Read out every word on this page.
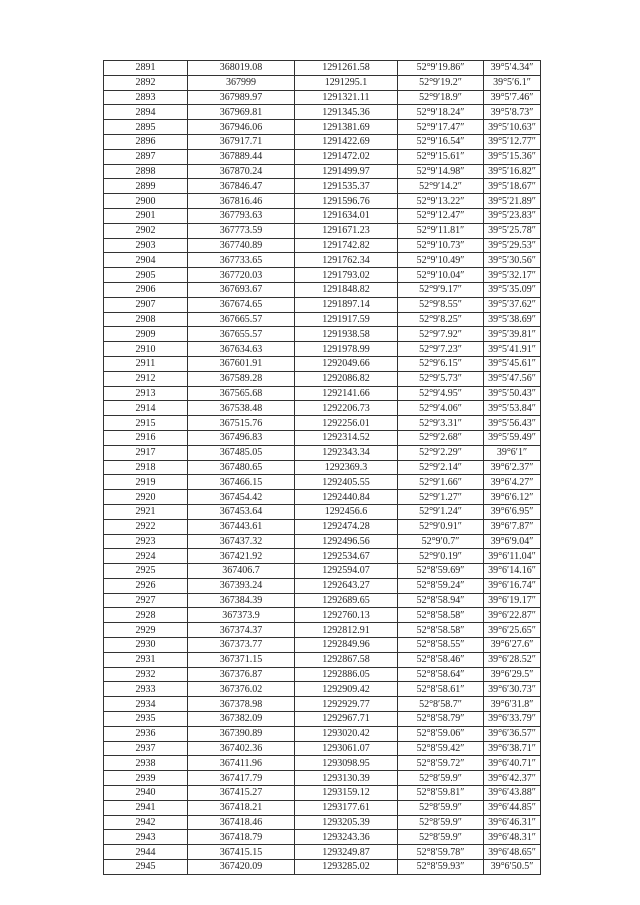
2891	368019.08	1291261.58	52°9′19.86″	39°5′4.34″
2892	367999	1291295.1	52°9′19.2″	39°5′6.1″
2893	367989.97	1291321.11	52°9′18.9″	39°5′7.46″
2894	367969.81	1291345.36	52°9′18.24″	39°5′8.73″
2895	367946.06	1291381.69	52°9′17.47″	39°5′10.63″
2896	367917.71	1291422.69	52°9′16.54″	39°5′12.77″
2897	367889.44	1291472.02	52°9′15.61″	39°5′15.36″
2898	367870.24	1291499.97	52°9′14.98″	39°5′16.82″
2899	367846.47	1291535.37	52°9′14.2″	39°5′18.67″
2900	367816.46	1291596.76	52°9′13.22″	39°5′21.89″
2901	367793.63	1291634.01	52°9′12.47″	39°5′23.83″
2902	367773.59	1291671.23	52°9′11.81″	39°5′25.78″
2903	367740.89	1291742.82	52°9′10.73″	39°5′29.53″
2904	367733.65	1291762.34	52°9′10.49″	39°5′30.56″
2905	367720.03	1291793.02	52°9′10.04″	39°5′32.17″
2906	367693.67	1291848.82	52°9′9.17″	39°5′35.09″
2907	367674.65	1291897.14	52°9′8.55″	39°5′37.62″
2908	367665.57	1291917.59	52°9′8.25″	39°5′38.69″
2909	367655.57	1291938.58	52°9′7.92″	39°5′39.81″
2910	367634.63	1291978.99	52°9′7.23″	39°5′41.91″
2911	367601.91	1292049.66	52°9′6.15″	39°5′45.61″
2912	367589.28	1292086.82	52°9′5.73″	39°5′47.56″
2913	367565.68	1292141.66	52°9′4.95″	39°5′50.43″
2914	367538.48	1292206.73	52°9′4.06″	39°5′53.84″
2915	367515.76	1292256.01	52°9′3.31″	39°5′56.43″
2916	367496.83	1292314.52	52°9′2.68″	39°5′59.49″
2917	367485.05	1292343.34	52°9′2.29″	39°6′1″
2918	367480.65	1292369.3	52°9′2.14″	39°6′2.37″
2919	367466.15	1292405.55	52°9′1.66″	39°6′4.27″
2920	367454.42	1292440.84	52°9′1.27″	39°6′6.12″
2921	367453.64	1292456.6	52°9′1.24″	39°6′6.95″
2922	367443.61	1292474.28	52°9′0.91″	39°6′7.87″
2923	367437.32	1292496.56	52°9′0.7″	39°6′9.04″
2924	367421.92	1292534.67	52°9′0.19″	39°6′11.04″
2925	367406.7	1292594.07	52°8′59.69″	39°6′14.16″
2926	367393.24	1292643.27	52°8′59.24″	39°6′16.74″
2927	367384.39	1292689.65	52°8′58.94″	39°6′19.17″
2928	367373.9	1292760.13	52°8′58.58″	39°6′22.87″
2929	367374.37	1292812.91	52°8′58.58″	39°6′25.65″
2930	367373.77	1292849.96	52°8′58.55″	39°6′27.6″
2931	367371.15	1292867.58	52°8′58.46″	39°6′28.52″
2932	367376.87	1292886.05	52°8′58.64″	39°6′29.5″
2933	367376.02	1292909.42	52°8′58.61″	39°6′30.73″
2934	367378.98	1292929.77	52°8′58.7″	39°6′31.8″
2935	367382.09	1292967.71	52°8′58.79″	39°6′33.79″
2936	367390.89	1293020.42	52°8′59.06″	39°6′36.57″
2937	367402.36	1293061.07	52°8′59.42″	39°6′38.71″
2938	367411.96	1293098.95	52°8′59.72″	39°6′40.71″
2939	367417.79	1293130.39	52°8′59.9″	39°6′42.37″
2940	367415.27	1293159.12	52°8′59.81″	39°6′43.88″
2941	367418.21	1293177.61	52°8′59.9″	39°6′44.85″
2942	367418.46	1293205.39	52°8′59.9″	39°6′46.31″
2943	367418.79	1293243.36	52°8′59.9″	39°6′48.31″
2944	367415.15	1293249.87	52°8′59.78″	39°6′48.65″
2945	367420.09	1293285.02	52°8′59.93″	39°6′50.5″
